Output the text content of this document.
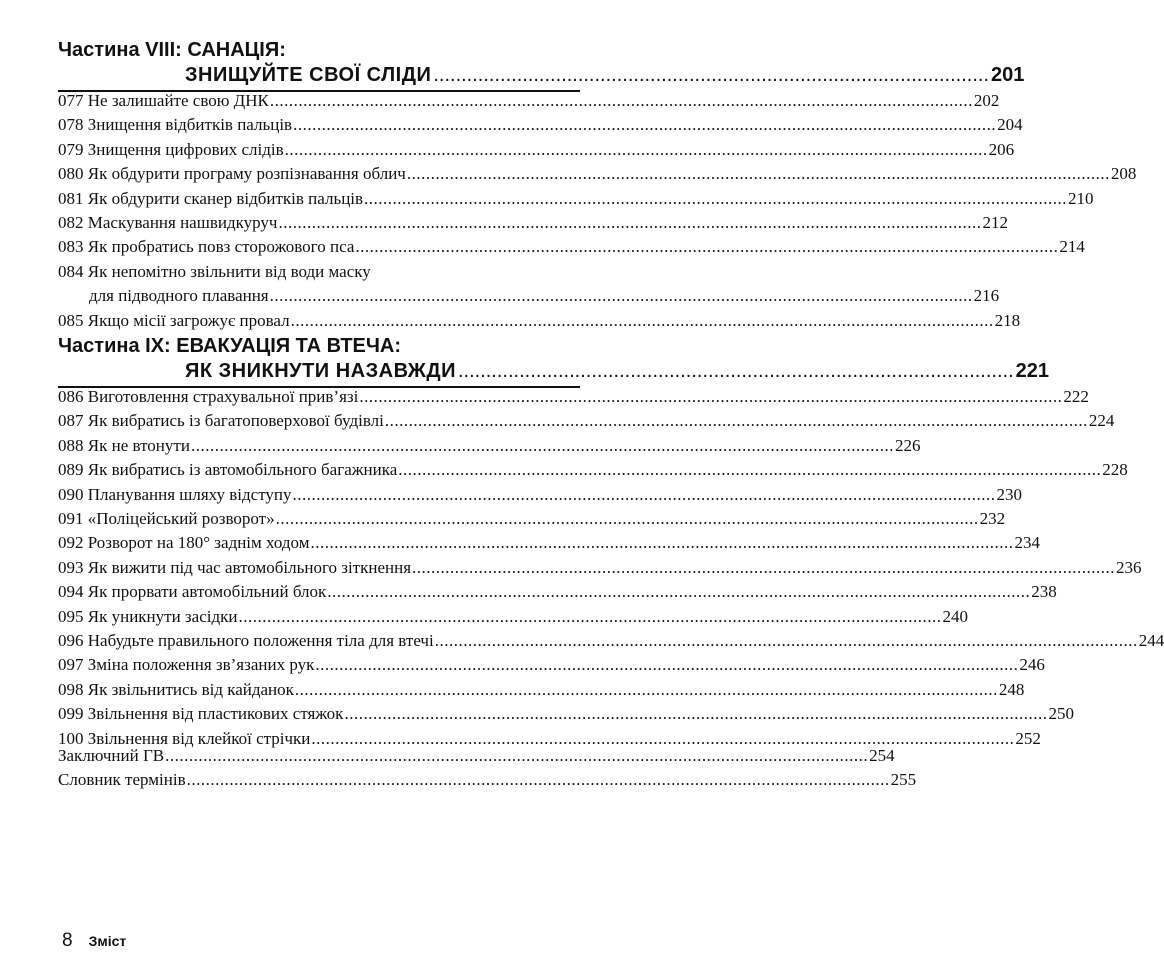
Частина VIII: САНАЦІЯ:
ЗНИЩУЙТЕ СВОЇ СЛІДИ .................................................................................................... 201
077 Не залишайте свою ДНК .................................................................................................................................................... 202
078 Знищення відбитків пальців .................................................................................................................................................... 204
079 Знищення цифрових слідів .................................................................................................................................................... 206
080 Як обдурити програму розпізнавання облич .................................................................................................................................................... 208
081 Як обдурити сканер відбитків пальців .................................................................................................................................................... 210
082 Маскування нашвидкуруч .................................................................................................................................................... 212
083 Як пробратись повз сторожового пса .................................................................................................................................................... 214
084 Як непомітно звільнити від води маску
для підводного плавання .................................................................................................................................................... 216
085 Якщо місії загрожує провал .................................................................................................................................................... 218
Частина IX: ЕВАКУАЦІЯ ТА ВТЕЧА:
ЯК ЗНИКНУТИ НАЗАВЖДИ .................................................................................................... 221
086 Виготовлення страхувальної прив’язі .................................................................................................................................................... 222
087 Як вибратись із багатоповерхової будівлі .................................................................................................................................................... 224
088 Як не втонути .................................................................................................................................................... 226
089 Як вибратись із автомобільного багажника .................................................................................................................................................... 228
090 Планування шляху відступу .................................................................................................................................................... 230
091 «Поліцейський розворот» .................................................................................................................................................... 232
092 Розворот на 180° заднім ходом .................................................................................................................................................... 234
093 Як вижити під час автомобільного зіткнення .................................................................................................................................................... 236
094 Як прорвати автомобільний блок .................................................................................................................................................... 238
095 Як уникнути засідки .................................................................................................................................................... 240
096 Набудьте правильного положення тіла для втечі .................................................................................................................................................... 244
097 Зміна положення зв’язаних рук .................................................................................................................................................... 246
098 Як звільнитись від кайданок .................................................................................................................................................... 248
099 Звільнення від пластикових стяжок .................................................................................................................................................... 250
100 Звільнення від клейкої стрічки .................................................................................................................................................... 252
Заключний ГВ .................................................................................................................................................... 254
Словник термінів .................................................................................................................................................... 255
8 Зміст
